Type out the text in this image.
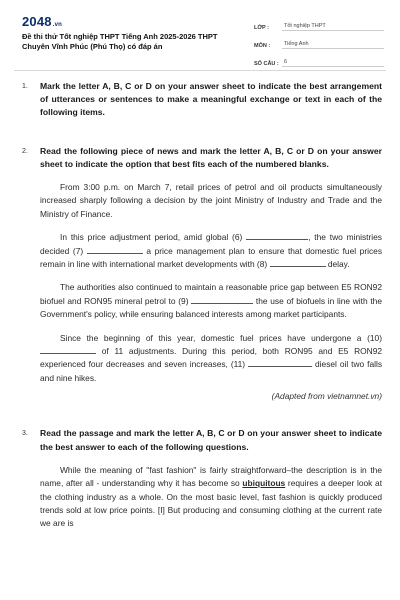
2048.vn
Đề thi thử Tốt nghiệp THPT Tiếng Anh 2025-2026 THPT Chuyên Vĩnh Phúc (Phú Thọ) có đáp án
LỚP :	Tốt nghiệp THPT
MÔN :	Tiếng Anh
SỐ CÂU : 6
1. Mark the letter A, B, C or D on your answer sheet to indicate the best arrangement of utterances or sentences to make a meaningful exchange or text in each of the following items.
2. Read the following piece of news and mark the letter A, B, C or D on your answer sheet to indicate the option that best fits each of the numbered blanks.
From 3:00 p.m. on March 7, retail prices of petrol and oil products simultaneously increased sharply following a decision by the joint Ministry of Industry and Trade and the Ministry of Finance.
In this price adjustment period, amid global (6)	, the two ministries decided (7)	a price management plan to ensure that domestic fuel prices remain in line with international market developments with (8)	delay.
The authorities also continued to maintain a reasonable price gap between E5 RON92 biofuel and RON95 mineral petrol to (9)	the use of biofuels in line with the Government's policy, while ensuring balanced interests among market participants.
Since the beginning of this year, domestic fuel prices have undergone a (10)  of 11 adjustments. During this period, both RON95 and E5 RON92 experienced four decreases and seven increases, (11)	diesel oil two falls and nine hikes.
(Adapted from vietnamnet.vn)
3. Read the passage and mark the letter A, B, C or D on your answer sheet to indicate the best answer to each of the following questions.
While the meaning of "fast fashion" is fairly straightforward–the description is in the name, after all - understanding why it has become so ubiquitous requires a deeper look at the clothing industry as a whole. On the most basic level, fast fashion is quickly produced trends sold at low price points. [I] But producing and consuming clothing at the current rate we are is
